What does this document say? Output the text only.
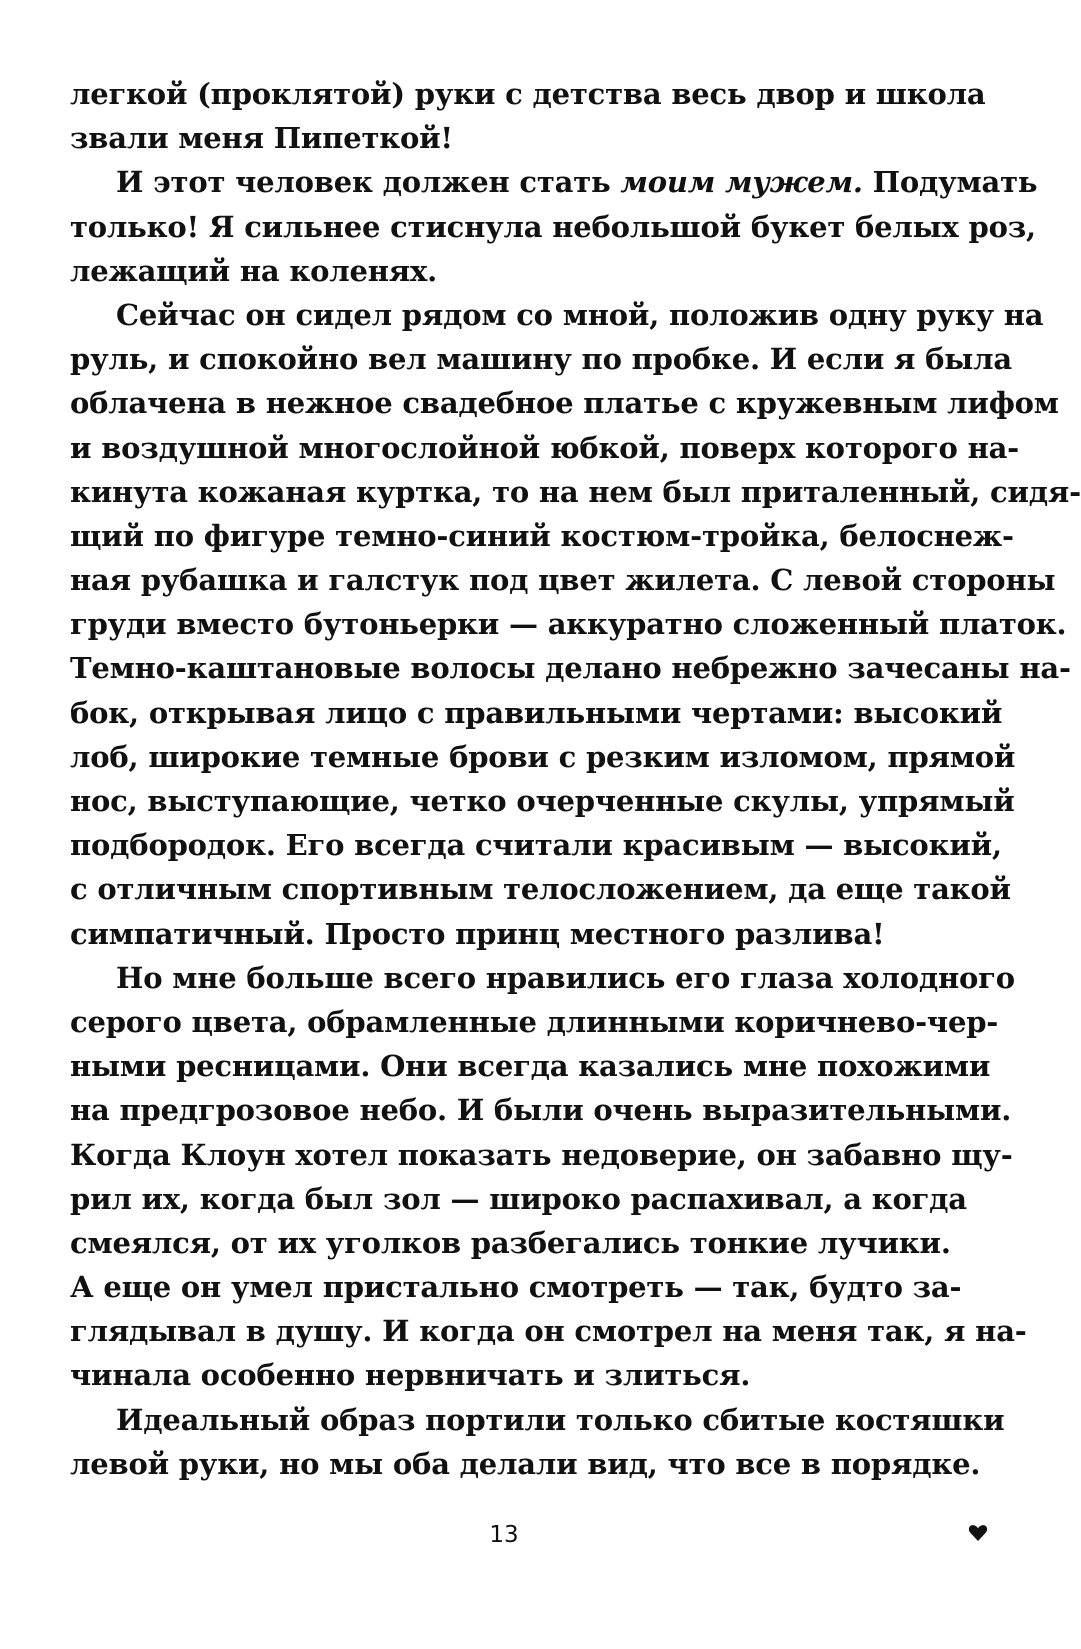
легкой (проклятой) руки с детства весь двор и школа
звали меня Пипеткой!
И этот человек должен стать моим мужем. Подумать
только! Я сильнее стиснула небольшой букет белых роз,
лежащий на коленях.
Сейчас он сидел рядом со мной, положив одну руку на
руль, и спокойно вел машину по пробке. И если я была
облачена в нежное свадебное платье с кружевным лифом
и воздушной многослойной юбкой, поверх которого на-
кинута кожаная куртка, то на нем был приталенный, сидя-
щий по фигуре темно-синий костюм-тройка, белоснеж-
ная рубашка и галстук под цвет жилета. С левой стороны
груди вместо бутоньерки — аккуратно сложенный платок.
Темно-каштановые волосы делано небрежно зачесаны на-
бок, открывая лицо с правильными чертами: высокий
лоб, широкие темные брови с резким изломом, прямой
нос, выступающие, четко очерченные скулы, упрямый
подбородок. Его всегда считали красивым — высокий,
с отличным спортивным телосложением, да еще такой
симпатичный. Просто принц местного разлива!
Но мне больше всего нравились его глаза холодного
серого цвета, обрамленные длинными коричнево-чер-
ными ресницами. Они всегда казались мне похожими
на предгрозовое небо. И были очень выразительными.
Когда Клоун хотел показать недоверие, он забавно щу-
рил их, когда был зол — широко распахивал, а когда
смеялся, от их уголков разбегались тонкие лучики.
А еще он умел пристально смотреть — так, будто за-
глядывал в душу. И когда он смотрел на меня так, я на-
чинала особенно нервничать и злиться.
Идеальный образ портили только сбитые костяшки
левой руки, но мы оба делали вид, что все в порядке.
13
